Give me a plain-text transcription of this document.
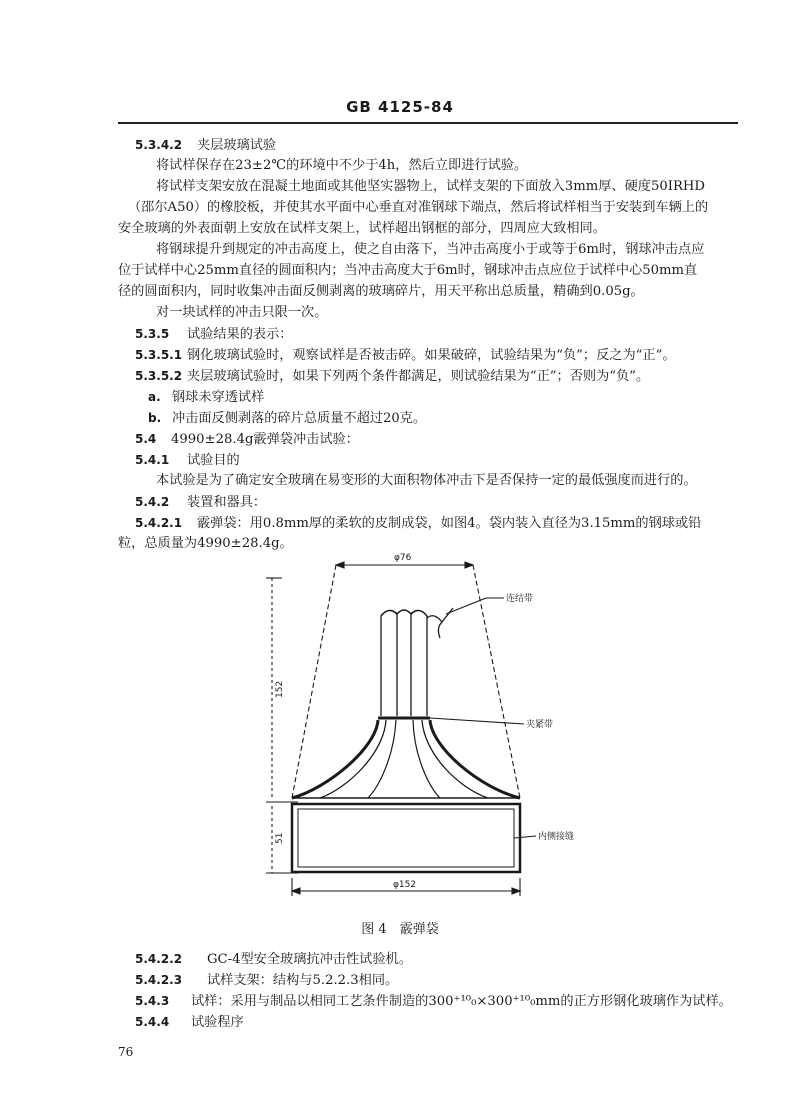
GB 4125-84
5.3.4.2 夹层玻璃试验
将试样保存在23±2℃的环境中不少于4h，然后立即进行试验。
将试样支架安放在混凝土地面或其他坚实器物上，试样支架的下面放入3mm厚、硬度50IRHD
（邵尔A50）的橡胶板，并使其水平面中心垂直对准钢球下端点，然后将试样相当于安装到车辆上的
安全玻璃的外表面朝上安放在试样支架上，试样超出钢框的部分，四周应大致相同。
将钢球提升到规定的冲击高度上，使之自由落下，当冲击高度小于或等于6m时，钢球冲击点应
位于试样中心25mm直径的圆面积内；当冲击高度大于6m时，钢球冲击点应位于试样中心50mm直
径的圆面积内，同时收集冲击面反侧剥离的玻璃碎片，用天平称出总质量，精确到0.05g。
对一块试样的冲击只限一次。
5.3.5 试验结果的表示：
5.3.5.1 钢化玻璃试验时，观察试样是否被击碎。如果破碎，试验结果为“负”；反之为“正”。
5.3.5.2 夹层玻璃试验时，如果下列两个条件都满足，则试验结果为“正”；否则为“负”。
a. 钢球未穿透试样
b. 冲击面反侧剥落的碎片总质量不超过20克。
5.4 4990±28.4g霰弹袋冲击试验：
5.4.1 试验目的
本试验是为了确定安全玻璃在易变形的大面积物体冲击下是否保持一定的最低强度而进行的。
5.4.2 装置和器具：
5.4.2.1 霰弹袋：用0.8mm厚的柔软的皮制成袋，如图4。袋内装入直径为3.15mm的钢球或铅
粒，总质量为4990±28.4g。
φ76
φ152
152
51
连结带
夹紧带
内侧接缝
图 4　霰弹袋
5.4.2.2 GC-4型安全玻璃抗冲击性试验机。
5.4.2.3 试样支架：结构与5.2.2.3相同。
5.4.3 试样：采用与制品以相同工艺条件制造的300⁺¹⁰₀×300⁺¹⁰₀mm的正方形钢化玻璃作为试样。
5.4.4 试验程序
76
